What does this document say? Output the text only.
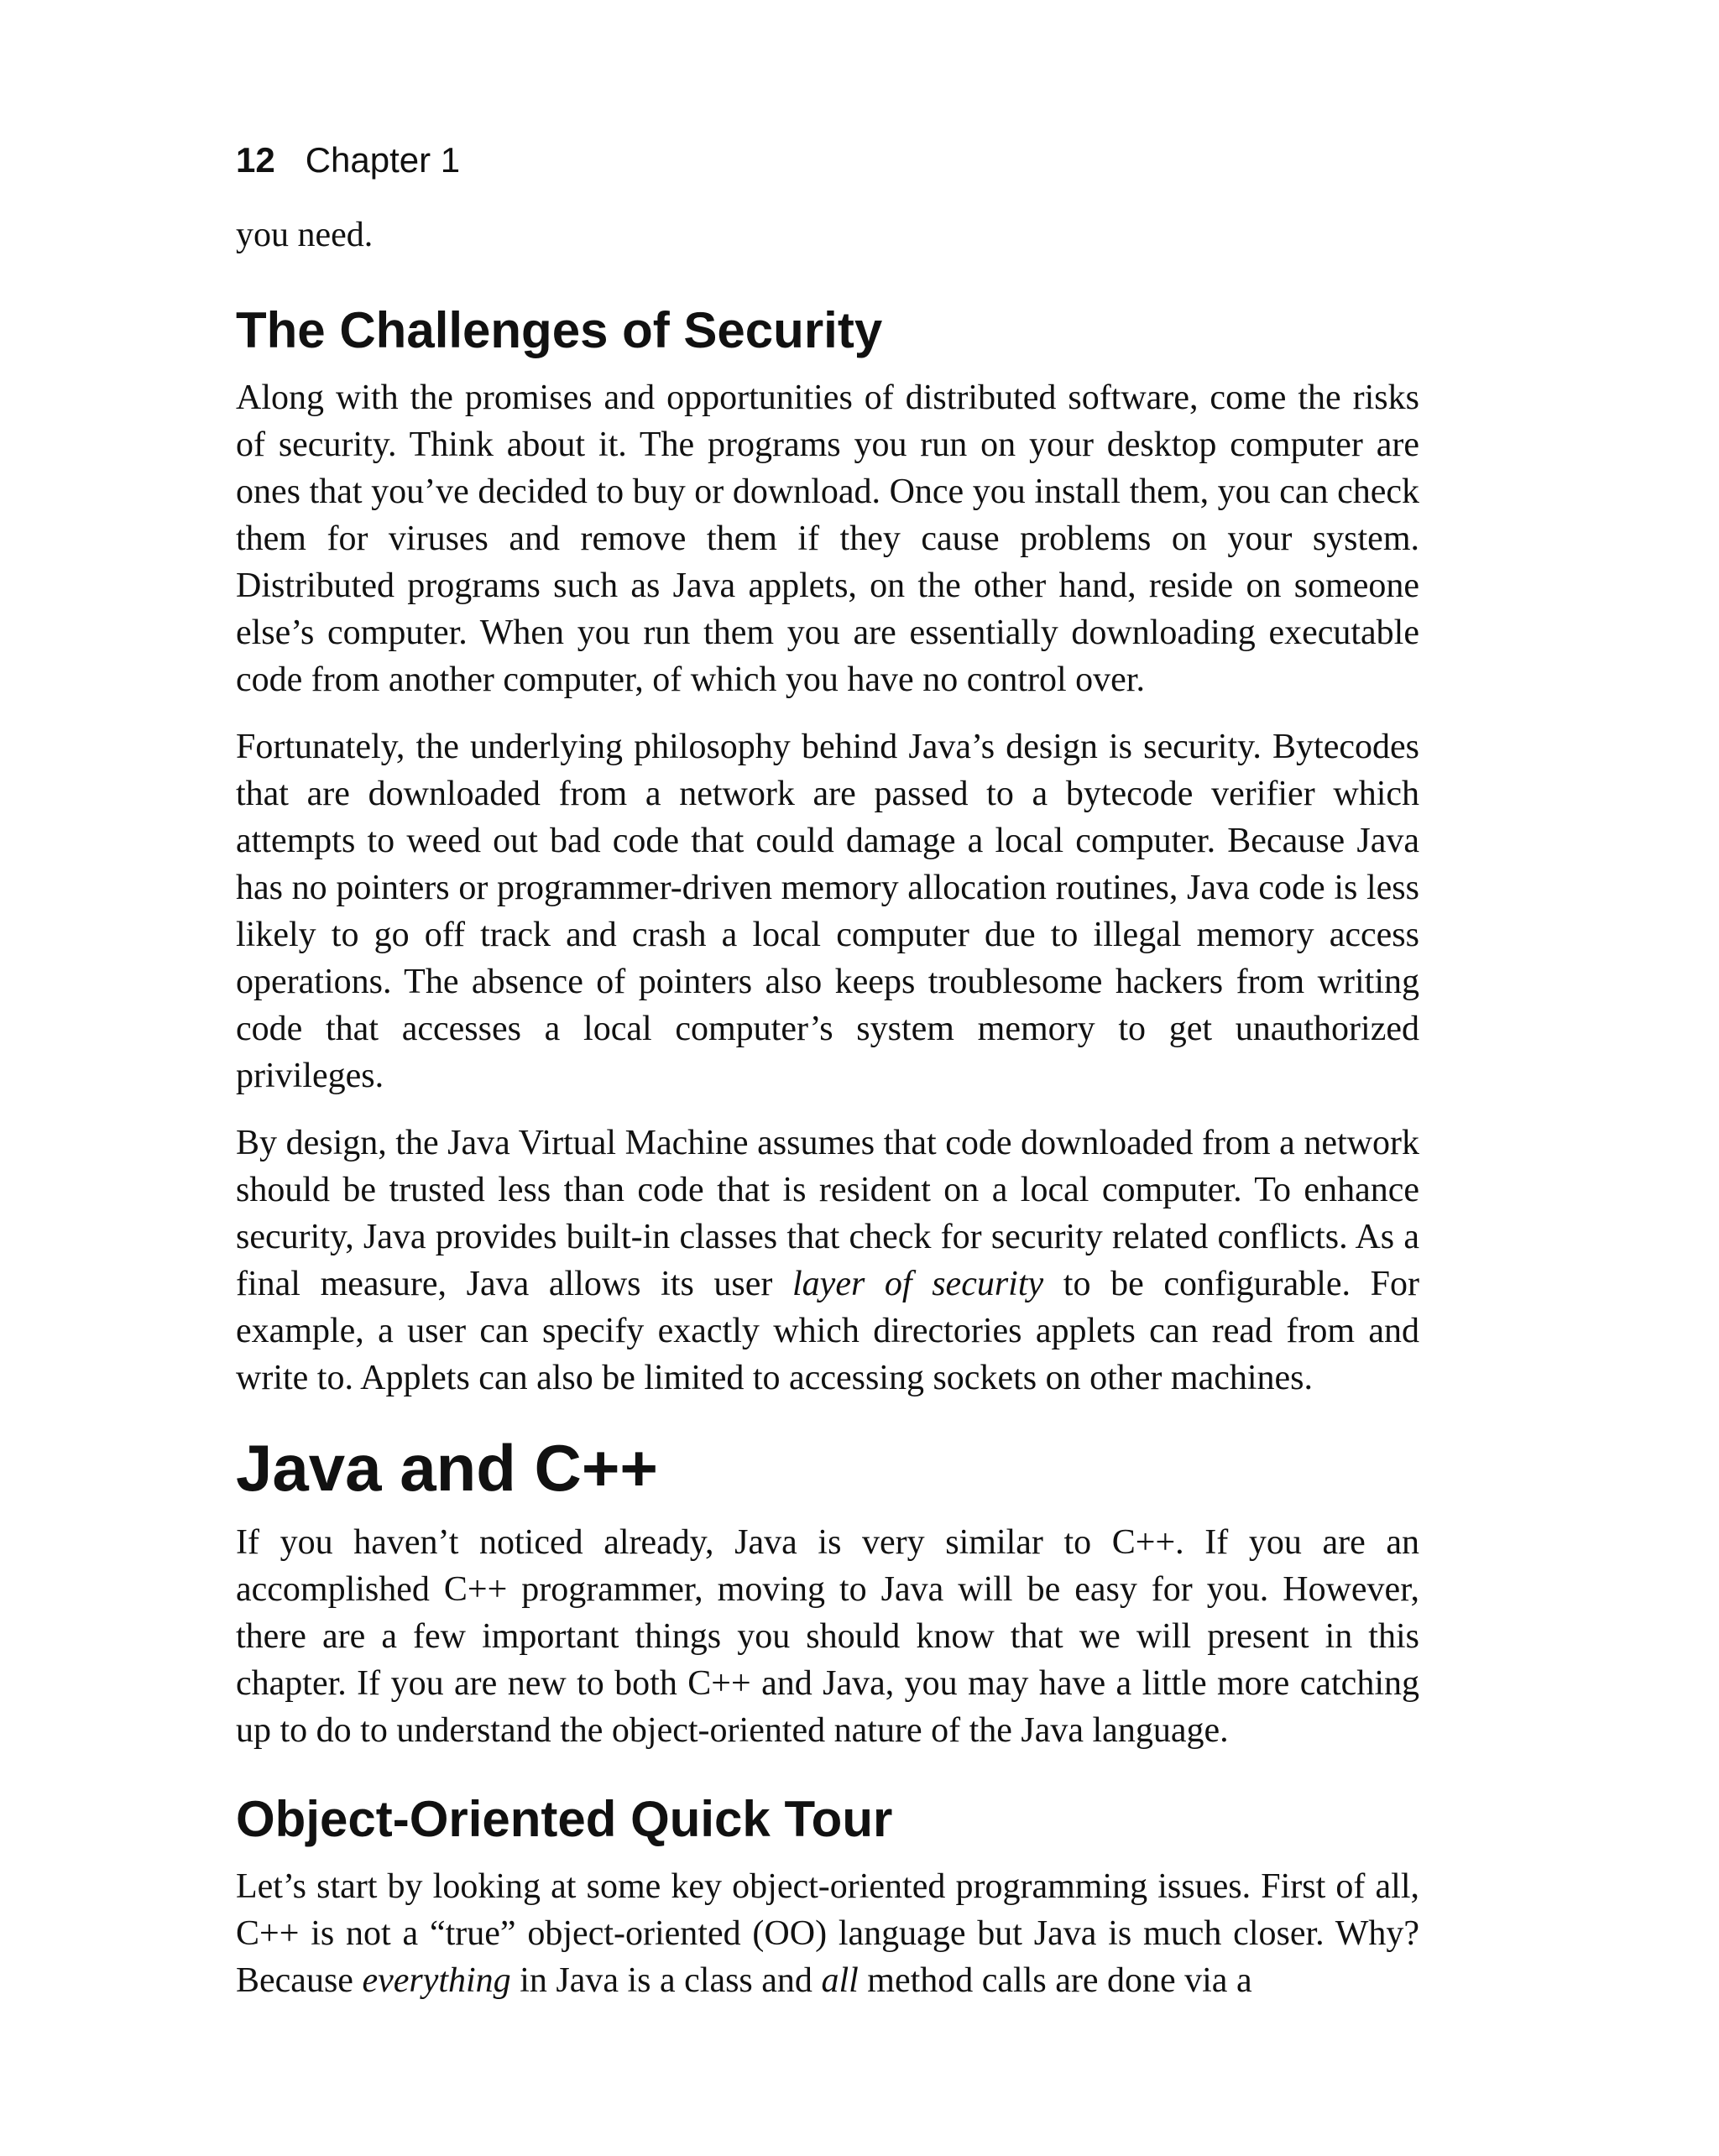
12 Chapter 1

you need.

The Challenges of Security

Along with the promises and opportunities of distributed software, come the risks of security. Think about it. The programs you run on your desktop computer are ones that you’ve decided to buy or download. Once you install them, you can check them for viruses and remove them if they cause problems on your system. Distributed programs such as Java applets, on the other hand, reside on someone else’s computer. When you run them you are essentially downloading executable code from another computer, of which you have no control over.

Fortunately, the underlying philosophy behind Java’s design is security. Bytecodes that are downloaded from a network are passed to a bytecode verifier which attempts to weed out bad code that could damage a local computer. Because Java has no pointers or programmer-driven memory allocation routines, Java code is less likely to go off track and crash a local computer due to illegal memory access operations. The absence of pointers also keeps troublesome hackers from writing code that accesses a local computer’s system memory to get unauthorized privileges.

By design, the Java Virtual Machine assumes that code downloaded from a network should be trusted less than code that is resident on a local computer. To enhance security, Java provides built-in classes that check for security related conflicts. As a final measure, Java allows its user layer of security to be configurable. For example, a user can specify exactly which directories applets can read from and write to. Applets can also be limited to accessing sockets on other machines.

Java and C++

If you haven’t noticed already, Java is very similar to C++. If you are an accomplished C++ programmer, moving to Java will be easy for you. However, there are a few important things you should know that we will present in this chapter. If you are new to both C++ and Java, you may have a little more catching up to do to understand the object-oriented nature of the Java language.

Object-Oriented Quick Tour

Let’s start by looking at some key object-oriented programming issues. First of all, C++ is not a “true” object-oriented (OO) language but Java is much closer. Why? Because everything in Java is a class and all method calls are done via a
